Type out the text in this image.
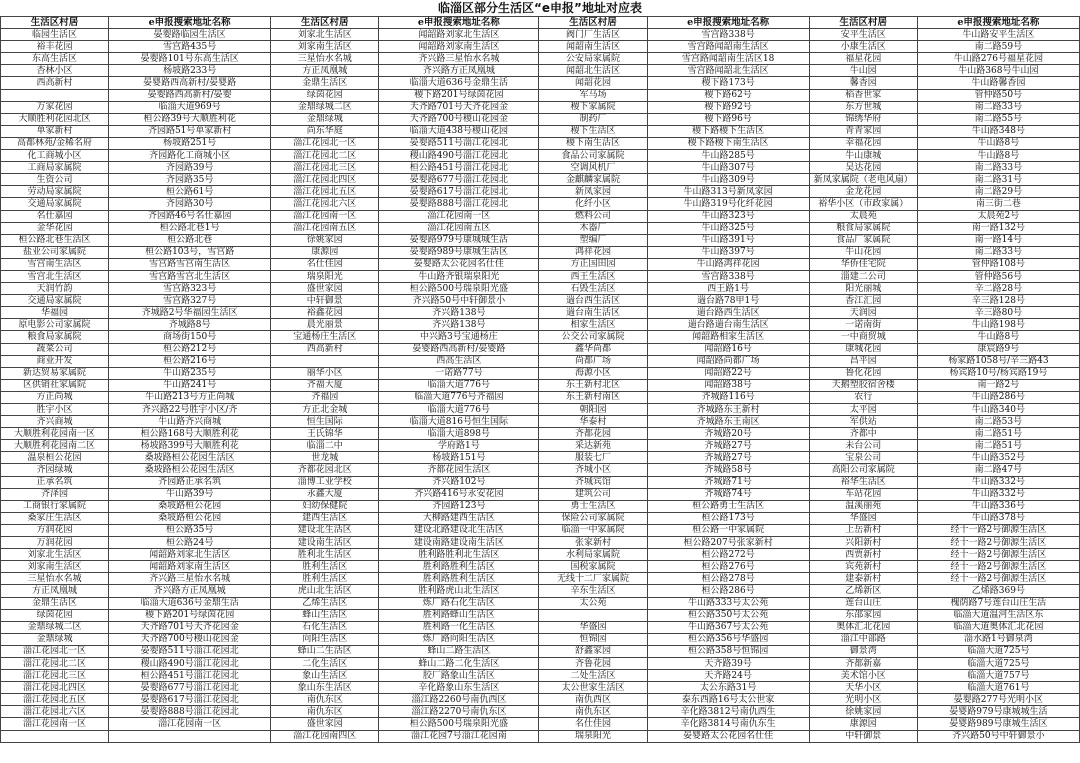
临淄区部分生活区“e申报”地址对应表
生活区村居	e申报搜索地址名称	生活区村居	e申报搜索地址名称	生活区村居	e申报搜索地址名称	生活区村居	e申报搜索地址名称
临园生活区	晏婴路临园生活区	刘家北生活区	闻韶路刘家北生活区	阀门厂生活区	雪宫路338号	安平生活区	牛山路安平生活区
裕丰花园	雪宫路435号	刘家南生活区	闻韶路刘家南生活区	闻韶南生活区	雪宫路闻韶南生活区	小康生活区	南二路59号
东高生活区	晏婴路101号东高生活区	三星怡水名城	齐兴路三星怡水名城	公安局家属院	雪宫路闻韶南生活区18	福星花园	牛山路276号福星花园
杏林小区	杨坡路233号	方正凤凰城	齐兴路方正凤凰城	闻韶北生活区	雪宫路闻韶北生活区	牛山园	牛山路368号牛山园
西高新村	晏婴路西高新村/晏婴路	金鼎生活区	临淄大道636号金鼎生活	闻韶花园	稷下路173号	馨香园	牛山路馨香园
	晏婴路西高新村/晏婴	绿茵花园	稷下路201号绿茵花园	军马场	稷下路62号	稻香世家	管仲路50号
万家花园	临淄大道969号	金鼎绿城二区	天齐路701号天齐花园金	稷下家属院	稷下路92号	东方世城	南二路33号
大顺胜利花园北区	桓公路39号大顺胜利花	金鼎绿城	天齐路700号稷山花园金	制药厂	稷下路96号	锦绣华府	南二路55号
单家新村	齐园路51号单家新村	尚东华庭	临淄大道438号稷山花园	稷下生活区	稷下路稷下生活区	青青家园	牛山路348号
高都林苑/金稀名府	杨坡路251号	淄江花园北一区	晏婴路511号淄江花园北	稷下南生活区	稷下路稷下南生活区	幸福花园	牛山路8号
化工商城小区	齐园路化工商城小区	淄江花园北二区	稷山路490号淄江花园北	食品公司家属院	牛山路285号	牛山康城	牛山路8号
工商局家属院	齐园路39号	淄江花园北三区	桓公路451号淄江花园北	空调风机厂	牛山路307号	吴达花园	南二路33号
生资公司	齐园路35号	淄江花园北四区	晏婴路677号淄江花园北	金麒麟家属院	牛山路309号	新凤家属院（老电风扇）	南二路31号
劳动局家属院	桓公路61号	淄江花园北五区	晏婴路617号淄江花园北	新凤家园	牛山路313号新凤家园	金龙花园	南二路29号
交通局家属院	齐园路30号	淄江花园北六区	晏婴路888号淄江花园北	化纤小区	牛山路319号化纤花园	裕华小区（市政家属）	南三街二巷
名仕嘉园	齐园路46号名仕嘉园	淄江花园南一区	淄江花园南一区	燃料公司	牛山路323号	太晨苑	太晨苑2号
金华花园	桓公路北巷1号	淄江花园南五区	淄江花园南五区	木器厂	牛山路325号	粮食局家属院	南一路132号
桓公路北巷生活区	桓公路北巷	徐姚家园	晏婴路979号康城城生活	塑编厂	牛山路391号	食品厂家属院	南一路14号
盐业公司家属院	桓公路103号，雪宫路	康源园	晏婴路989号康城生活区	鸿祥花园	牛山路397号	牛山花园	南二路33号
雪宫南生活区	雪宫路雪宫南生活区	名仕佳园	晏婴路太公花园名仕佳	方正国田园	牛山路鸿祥花园	华侨佳宅院	管仲路108号
雪宫北生活区	雪宫路雪宫北生活区	瑞泉阳光	牛山路齐银瑞泉阳光	西王生活区	雪宫路338号	淄建二公司	管仲路56号
天润竹韵	雪宫路323号	盛世家园	桓公路500号瑞泉阳光盛	石毁生活区	西王路1号	阳光丽城	辛二路28号
交通局家属院	雪宫路327号	中轩御景	齐兴路50号中轩御景小	遄台西生活区	遄台路78甲1号	香江汇园	辛三路128号
华福园	齐城路2号华福园生活区	裕鑫花园	齐兴路138号	遄台南生活区	遄台路西生活区	天润园	辛三路80号
原电影公司家属院	齐城路8号	晨光丽景	齐兴路138号	相家生活区	遄台路遄台南生活区	一诺南街	牛山路198号
粮食局家属院	商场街150号	宝通杨庄生活区	中兴路3号宝通杨庄	公交公司家属院	闻韶路相家生活区	一中商贸城	牛山路8号
蔬菜公司	桓公路212号	西高新村	晏婴路西高新村/晏婴路	鑫华尚都	闻韶路16号	康城花园	康宸路9号
商业开发	桓公路216号		西高生活区	尚都广场	闻韶路尚都广场	昌平园	杨家路1058号/辛三路43
新达贸易家属院	牛山路235号	丽华小区	一诺路77号	海源小区	闻韶路22号	鲁化花园	杨宾路10号/杨宾路19号
区供销社家属院	牛山路241号	齐福大厦	临淄大道776号	东王新村北区	闻韶路38号	天鹅塑胶宿舍楼	南一路2号
方正尚城	牛山路213号方正尚城	齐福园	临淄大道776号齐福园	东王新村南区	齐城路116号	农行	牛山路286号
胜宇小区	齐兴路22号胜宇小区/齐	方正北金城	临淄大道776号	朝阳园	齐城路东王新村	太平园	牛山路340号
齐兴商城	牛山路齐兴商城	恒生国际	临淄大道816号恒生国际	华泰村	齐城路东王南区	军供站	南二路53号
大顺胜利花园南一区	桓公路168号大顺胜利花	王氏锦华	临淄大道898号	齐都花园	齐城路20号	齐都中	南二路51号
大顺胜利花园南二区	杨坡路399号大顺胜利花	临淄二中	学府路1号	采达新苑	齐城路27号	未台公司	南二路51号
温泉桓公花园	桑坡路桓公花园生活区	世龙城	杨坡路151号	服装七厂	齐城路27号	宝泉公司	牛山路352号
齐园绿城	桑坡路桓公花园生活区	齐都花园北区	齐都花园生活区	齐城小区	齐城路58号	高阳公司家属院	南二路47号
正承名筑	齐园路正承名筑	淄博工业学校	齐兴路102号	齐城宾馆	齐城路71号	裕华生活区	牛山路332号
齐泽园	牛山路39号	永鑫大厦	齐兴路416号永安花园	建筑公司	齐城路74号	车站花园	牛山路332号
工商银行家属院	桑坡路桓公花园	妇幼保健院	齐园路123号	勇士生活区	桓公路勇士生活区	温溪丽苑	牛山路336号
桑家庄生活区	桑坡路桓公花园	建西生活区	大柳路建西生活区	保险公司家属院	桓公路173号	华盛园	牛山路378号
方润花园	桓公路35号	建设北生活区	建设北路建设北生活区	临淄一中家属院	桓公路一中家属院	上岳新村	经十一路2号御源生活区
万润花园	桓公路24号	建设南生活区	建设南路建设南生活区	张家新村	桓公路207号张家新村	兴阳新村	经十一路2号御源生活区
刘家北生活区	闻韶路刘家北生活区	胜利北生活区	胜利路胜利北生活区	水利局家属院	桓公路272号	西贾新村	经十一路2号御源生活区
刘家南生活区	闻韶路刘家南生活区	胜利生活区	胜利路胜利生活区	国税家属院	桓公路276号	宾苑新村	经十一路2号御源生活区
三星怡水名城	齐兴路三星怡水名城	胜利生活区	胜利路胜利生活区	无线十二厂家属院	桓公路278号	建泰新村	经十一路2号御源生活区
方正凤凰城	齐兴路方正凤凰城	虎山北生活区	胜利路虎山北生活区	辛东生活区	桓公路286号	乙烯新区	乙烯路369号
金鼎生活区	临淄大道636号金鼎生活	乙烯生活区	炼厂路石化生活区	太公苑	牛山路333号太公苑	莲台山庄	槐荫路7号莲台山庄生活
绿茵花园	稷下路201号绿茵花园	蜂山生活区	胜利路蜂山生活区		桓公路350号太公苑	东邵家园	临淄大道温河生活区东
金鼎绿城二区	天齐路701号天齐花园金	石化生活区	胜利路一化生活区	华盛园	牛山路367号太公苑	奥体汇北花园	临淄大道奥体汇北花园
金鼎绿城	天齐路700号稷山花园金	向阳生活区	炼厂路向阳生活区	恒锦园	桓公路356号华盛园	淄江中部路	淄水路1号御泉湾
淄江花园北一区	晏婴路511号淄江花园北	蜂山二生活区	蜂山二路生活区	舒鑫家园	桓公路358号恒锦园	御景湾	临淄大道725号
淄江花园北二区	稷山路490号淄江花园北	二化生活区	蜂山二路二化生活区	齐鲁花园	天齐路39号	齐都新嘉	临淄大道725号
淄江花园北三区	桓公路451号淄江花园北	象山生活区	胶厂路象山生活区	二处生活区	天齐路24号	美术馆小区	临淄大道757号
淄江花园北四区	晏婴路677号淄江花园北	象山东生活区	辛化路象山东生活区	太公世家生活区	太公东路31号	天华小区	临淄大道761号
淄江花园北五区	晏婴路617号淄江花园北	南仇东区	淄江路2260号南仇西区	南仇西区	泰东西路16号太公世家	光明小区	晏婴路277号光明小区
淄江花园北六区	晏婴路888号淄江花园北	南仇东区	淄江路2270号南仇东区	南仇东区	辛化路3812号南仇西生	徐姚家园	晏婴路979号康城城生活
淄江花园南一区	淄江花园南一区	盛世家园	桓公路500号瑞泉阳光盛	名仕佳园	辛化路3814号南仇东生	康源园	晏婴路989号康城生活区
		淄江花园南四区	淄江花园7号淄江花园南	瑞泉阳光	晏婴路太公花园名仕佳	中轩御景	齐兴路50号中轩御景小
